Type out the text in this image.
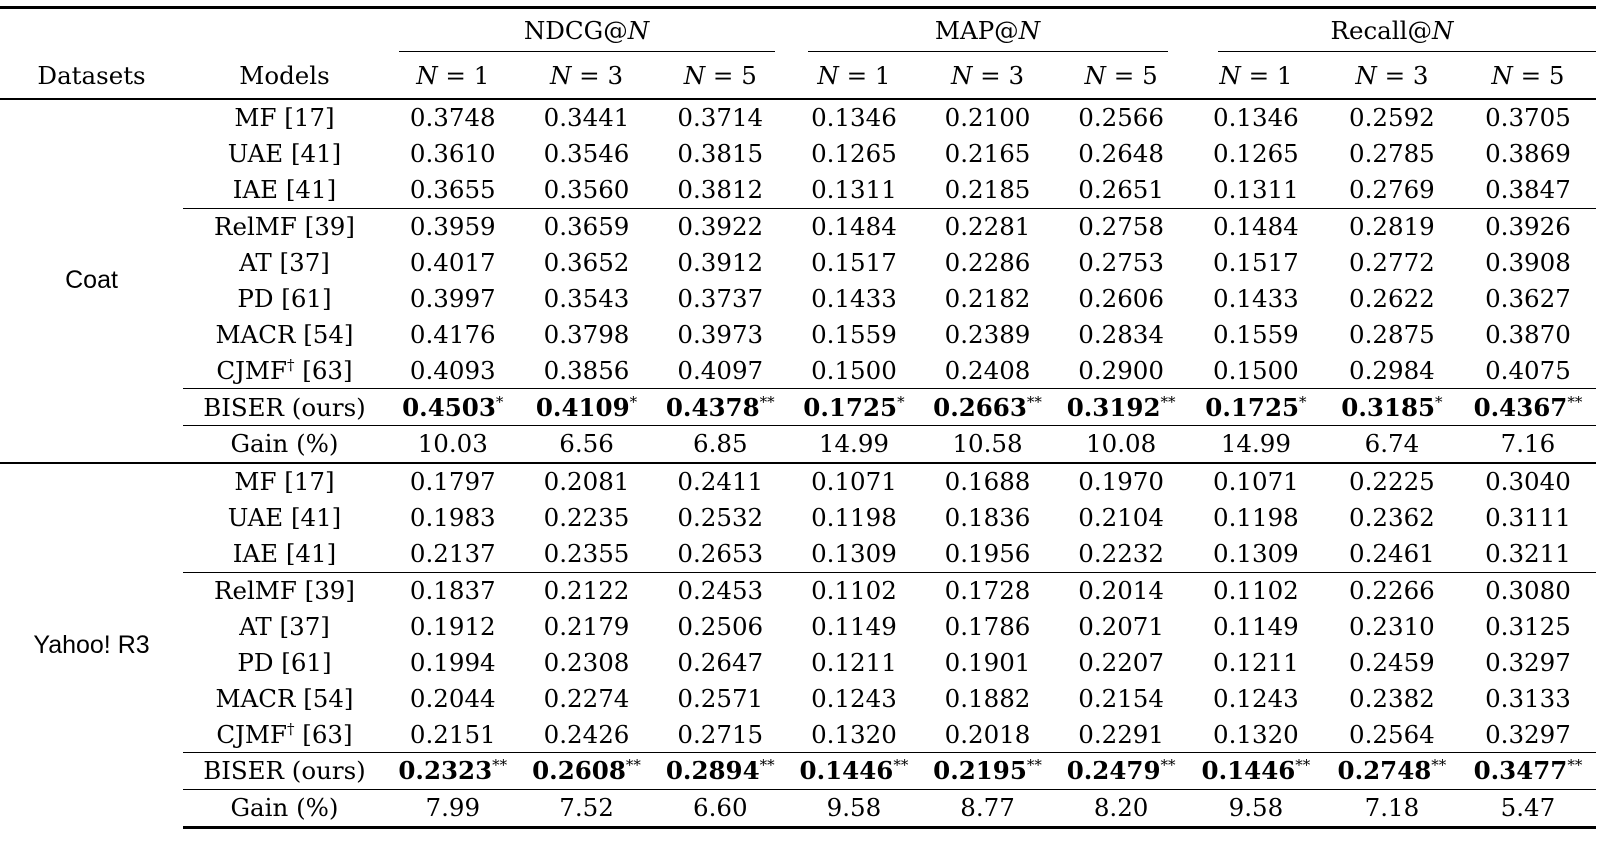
		NDCG@N			MAP@N			Recall@N		

Datasets	Models	N = 1	N = 3	N = 5	N = 1	N = 3	N = 5	N = 1	N = 3	N = 5
Coat	MF [17]	0.3748	0.3441	0.3714	0.1346	0.2100	0.2566	0.1346	0.2592	0.3705
	UAE [41]	0.3610	0.3546	0.3815	0.1265	0.2165	0.2648	0.1265	0.2785	0.3869
	IAE [41]	0.3655	0.3560	0.3812	0.1311	0.2185	0.2651	0.1311	0.2769	0.3847
	RelMF [39]	0.3959	0.3659	0.3922	0.1484	0.2281	0.2758	0.1484	0.2819	0.3926
	AT [37]	0.4017	0.3652	0.3912	0.1517	0.2286	0.2753	0.1517	0.2772	0.3908
	PD [61]	0.3997	0.3543	0.3737	0.1433	0.2182	0.2606	0.1433	0.2622	0.3627
	MACR [54]	0.4176	0.3798	0.3973	0.1559	0.2389	0.2834	0.1559	0.2875	0.3870
	CJMF† [63]	0.4093	0.3856	0.4097	0.1500	0.2408	0.2900	0.1500	0.2984	0.4075
	BISER (ours)	0.4503*	0.4109*	0.4378**	0.1725*	0.2663**	0.3192**	0.1725*	0.3185*	0.4367**
	Gain (%)	10.03	6.56	6.85	14.99	10.58	10.08	14.99	6.74	7.16
Yahoo! R3	MF [17]	0.1797	0.2081	0.2411	0.1071	0.1688	0.1970	0.1071	0.2225	0.3040
	UAE [41]	0.1983	0.2235	0.2532	0.1198	0.1836	0.2104	0.1198	0.2362	0.3111
	IAE [41]	0.2137	0.2355	0.2653	0.1309	0.1956	0.2232	0.1309	0.2461	0.3211
	RelMF [39]	0.1837	0.2122	0.2453	0.1102	0.1728	0.2014	0.1102	0.2266	0.3080
	AT [37]	0.1912	0.2179	0.2506	0.1149	0.1786	0.2071	0.1149	0.2310	0.3125
	PD [61]	0.1994	0.2308	0.2647	0.1211	0.1901	0.2207	0.1211	0.2459	0.3297
	MACR [54]	0.2044	0.2274	0.2571	0.1243	0.1882	0.2154	0.1243	0.2382	0.3133
	CJMF† [63]	0.2151	0.2426	0.2715	0.1320	0.2018	0.2291	0.1320	0.2564	0.3297
	BISER (ours)	0.2323**	0.2608**	0.2894**	0.1446**	0.2195**	0.2479**	0.1446**	0.2748**	0.3477**
	Gain (%)	7.99	7.52	6.60	9.58	8.77	8.20	9.58	7.18	5.47
